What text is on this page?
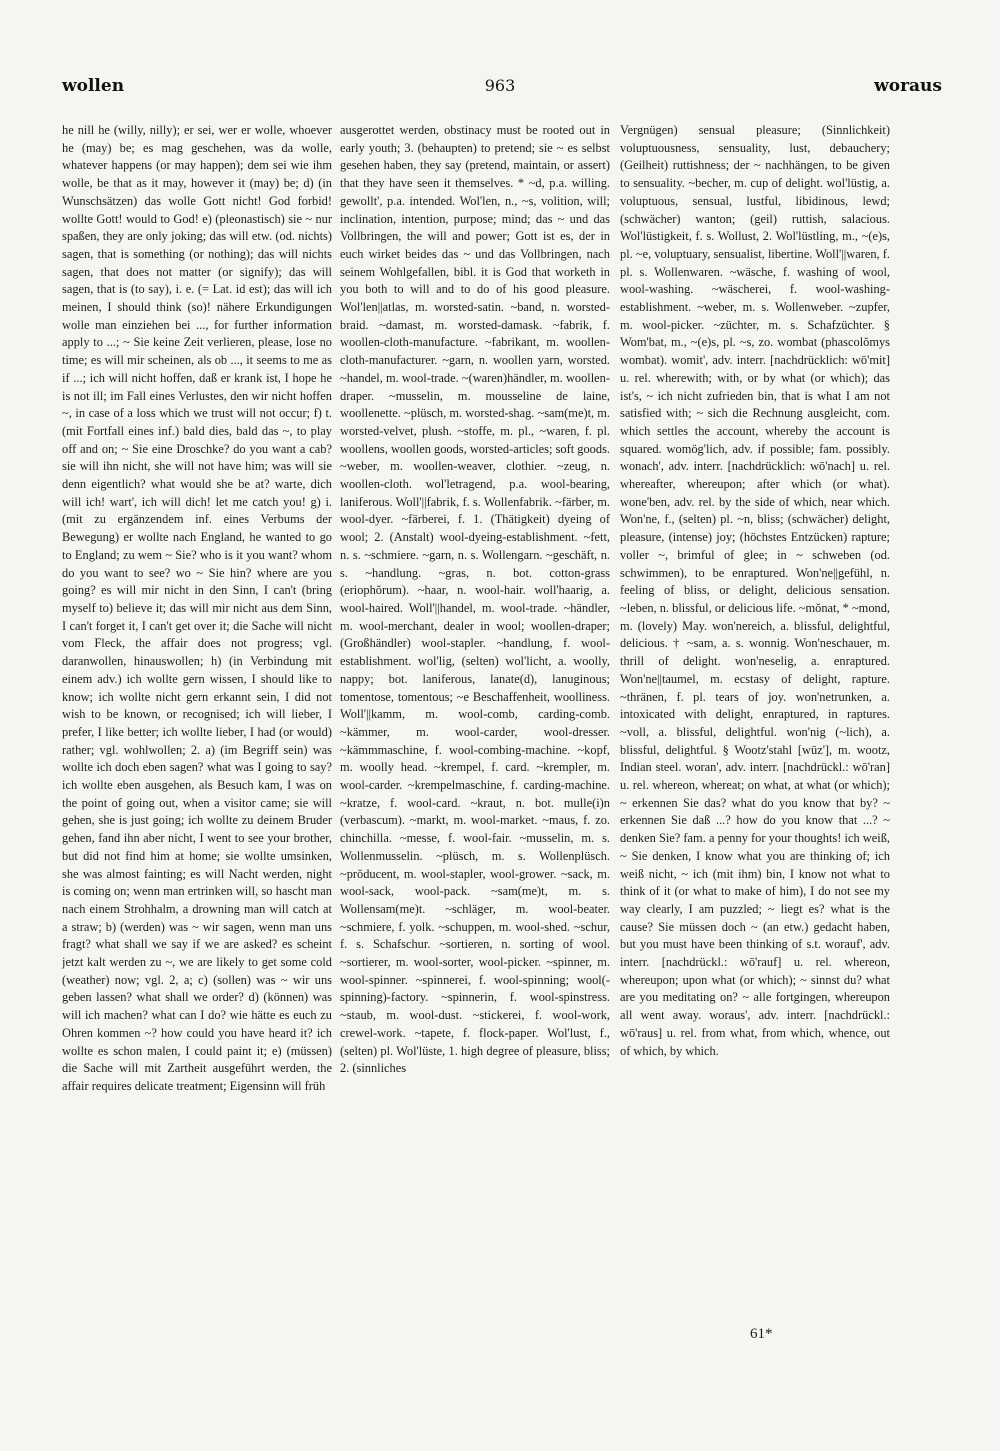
wollen	963	woraus

he nill he (willy, nilly); er sei, wer er wolle, whoever he (may) be; es mag geschehen, was da wolle, whatever happens (or may happen); dem sei wie ihm wolle, be that as it may, however it (may) be; d) (in Wunschsätzen) das wolle Gott nicht! God forbid! wollte Gott! would to God! e) (pleonastisch) sie ~ nur spaßen, they are only joking; das will etw. (od. nichts) sagen, that is something (or nothing); das will nichts sagen, that does not matter (or signify); das will sagen, that is (to say), i. e. (= Lat. id est); das will ich meinen, I should think (so)! nähere Erkundigungen wolle man einziehen bei ..., for further information apply to ...; ~ Sie keine Zeit verlieren, please, lose no time; es will mir scheinen, als ob ..., it seems to me as if ...; ich will nicht hoffen, daß er krank ist, I hope he is not ill; im Fall eines Verlustes, den wir nicht hoffen ~, in case of a loss which we trust will not occur; f) t. (mit Fortfall eines inf.) bald dies, bald das ~, to play off and on; ~ Sie eine Droschke? do you want a cab? sie will ihn nicht, she will not have him; was will sie denn eigentlich? what would she be at? warte, dich will ich! wart', ich will dich! let me catch you! g) i. (mit zu ergänzendem inf. eines Verbums der Bewegung) er wollte nach England, he wanted to go to England; zu wem ~ Sie? who is it you want? whom do you want to see? wo ~ Sie hin? where are you going? es will mir nicht in den Sinn, I can't (bring myself to) believe it; das will mir nicht aus dem Sinn, I can't forget it, I can't get over it; die Sache will nicht vom Fleck, the affair does not progress; vgl. daranwollen, hinauswollen; h) (in Verbindung mit einem adv.) ich wollte gern wissen, I should like to know; ich wollte nicht gern erkannt sein, I did not wish to be known, or recognised; ich will lieber, I prefer, I like better; ich wollte lieber, I had (or would) rather; vgl. wohlwollen; 2. a) (im Begriff sein) was wollte ich doch eben sagen? what was I going to say? ich wollte eben ausgehen, als Besuch kam, I was on the point of going out, when a visitor came; sie will gehen, she is just going; ich wollte zu deinem Bruder gehen, fand ihn aber nicht, I went to see your brother, but did not find him at home; sie wollte umsinken, she was almost fainting; es will Nacht werden, night is coming on; wenn man ertrinken will, so hascht man nach einem Strohhalm, a drowning man will catch at a straw; b) (werden) was ~ wir sagen, wenn man uns fragt? what shall we say if we are asked? es scheint jetzt kalt werden zu ~, we are likely to get some cold (weather) now; vgl. 2, a; c) (sollen) was ~ wir uns geben lassen? what shall we order? d) (können) was will ich machen? what can I do? wie hätte es euch zu Ohren kommen ~? how could you have heard it? ich wollte es schon malen, I could paint it; e) (müssen) die Sache will mit Zartheit ausgeführt werden, the affair requires delicate treatment; Eigensinn will früh

ausgerottet werden, obstinacy must be rooted out in early youth; 3. (behaupten) to pretend; sie ~ es selbst gesehen haben, they say (pretend, maintain, or assert) that they have seen it themselves. * ~d, p.a. willing. gewollt', p.a. intended. Wol'len, n., ~s, volition, will; inclination, intention, purpose; mind; das ~ und das Vollbringen, the will and power; Gott ist es, der in euch wirket beides das ~ und das Vollbringen, nach seinem Wohlgefallen, bibl. it is God that worketh in you both to will and to do of his good pleasure. Wol'len||atlas, m. worsted-satin. ~band, n. worsted-braid. ~damast, m. worsted-damask. ~fabrik, f. woollen-cloth-manufacture. ~fabrikant, m. woollen-cloth-manufacturer. ~garn, n. woollen yarn, worsted. ~handel, m. wool-trade. ~(waren)händler, m. woollen-draper. ~musselin, m. mousseline de laine, woollenette. ~plüsch, m. worsted-shag. ~sam(me)t, m. worsted-velvet, plush. ~stoffe, m. pl., ~waren, f. pl. woollens, woollen goods, worsted-articles; soft goods. ~weber, m. woollen-weaver, clothier. ~zeug, n. woollen-cloth. wol'letragend, p.a. wool-bearing, laniferous. Woll'||fabrik, f. s. Wollenfabrik. ~färber, m. wool-dyer. ~färberei, f. 1. (Thätigkeit) dyeing of wool; 2. (Anstalt) wool-dyeing-establishment. ~fett, n. s. ~schmiere. ~garn, n. s. Wollengarn. ~geschäft, n. s. ~handlung. ~gras, n. bot. cotton-grass (eriophŏrum). ~haar, n. wool-hair. woll'haarig, a. wool-haired. Woll'||handel, m. wool-trade. ~händler, m. wool-merchant, dealer in wool; woollen-draper; (Großhändler) wool-stapler. ~handlung, f. wool-establishment. wol'lig, (selten) wol'licht, a. woolly, nappy; bot. laniferous, lanate(d), lanuginous; tomentose, tomentous; ~e Beschaffenheit, woolliness. Woll'||kamm, m. wool-comb, carding-comb. ~kämmer, m. wool-carder, wool-dresser. ~kämmmaschine, f. wool-combing-machine. ~kopf, m. woolly head. ~krempel, f. card. ~krempler, m. wool-carder. ~krempelmaschine, f. carding-machine. ~kratze, f. wool-card. ~kraut, n. bot. mulle(i)n (verbascum). ~markt, m. wool-market. ~maus, f. zo. chinchilla. ~messe, f. wool-fair. ~musselin, m. s. Wollenmusselin. ~plüsch, m. s. Wollenplüsch. ~prŏducent, m. wool-stapler, wool-grower. ~sack, m. wool-sack, wool-pack. ~sam(me)t, m. s. Wollensam(me)t. ~schläger, m. wool-beater. ~schmiere, f. yolk. ~schuppen, m. wool-shed. ~schur, f. s. Schafschur. ~sortieren, n. sorting of wool. ~sortierer, m. wool-sorter, wool-picker. ~spinner, m. wool-spinner. ~spinnerei, f. wool-spinning; wool(-spinning)-factory. ~spinnerin, f. wool-spinstress. ~staub, m. wool-dust. ~stickerei, f. wool-work, crewel-work. ~tapete, f. flock-paper. Wol'lust, f., (selten) pl. Wol'lüste, 1. high degree of pleasure, bliss; 2. (sinnliches

Vergnügen) sensual pleasure; (Sinnlichkeit) voluptuousness, sensuality, lust, debauchery; (Geilheit) ruttishness; der ~ nachhängen, to be given to sensuality. ~becher, m. cup of delight. wol'lüstig, a. voluptuous, sensual, lustful, libidinous, lewd; (schwächer) wanton; (geil) ruttish, salacious. Wol'lüstigkeit, f. s. Wollust, 2. Wol'lüstling, m., ~(e)s, pl. ~e, voluptuary, sensualist, libertine. Woll'||waren, f. pl. s. Wollenwaren. ~wäsche, f. washing of wool, wool-washing. ~wäscherei, f. wool-washing-establishment. ~weber, m. s. Wollenweber. ~zupfer, m. wool-picker. ~züchter, m. s. Schafzüchter. § Wom'bat, m., ~(e)s, pl. ~s, zo. wombat (phascolŏmys wombat). womit', adv. interr. [nachdrücklich: wō'mit] u. rel. wherewith; with, or by what (or which); das ist's, ~ ich nicht zufrieden bin, that is what I am not satisfied with; ~ sich die Rechnung ausgleicht, com. which settles the account, whereby the account is squared. womög'lich, adv. if possible; fam. possibly. wonach', adv. interr. [nachdrücklich: wō'nach] u. rel. whereafter, whereupon; after which (or what). wone'ben, adv. rel. by the side of which, near which. Won'ne, f., (selten) pl. ~n, bliss; (schwächer) delight, pleasure, (intense) joy; (höchstes Entzücken) rapture; voller ~, brimful of glee; in ~ schweben (od. schwimmen), to be enraptured. Won'ne||gefühl, n. feeling of bliss, or delight, delicious sensation. ~leben, n. blissful, or delicious life. ~mŏnat, * ~mond, m. (lovely) May. won'nereich, a. blissful, delightful, delicious. † ~sam, a. s. wonnig. Won'neschauer, m. thrill of delight. won'neselig, a. enraptured. Won'ne||taumel, m. ecstasy of delight, rapture. ~thränen, f. pl. tears of joy. won'netrunken, a. intoxicated with delight, enraptured, in raptures. ~voll, a. blissful, delightful. won'nig (~lich), a. blissful, delightful. § Wootz'stahl [wūz'], m. wootz, Indian steel. woran', adv. interr. [nachdrückl.: wō'ran] u. rel. whereon, whereat; on what, at what (or which); ~ erkennen Sie das? what do you know that by? ~ erkennen Sie daß ...? how do you know that ...? ~ denken Sie? fam. a penny for your thoughts! ich weiß, ~ Sie denken, I know what you are thinking of; ich weiß nicht, ~ ich (mit ihm) bin, I know not what to think of it (or what to make of him), I do not see my way clearly, I am puzzled; ~ liegt es? what is the cause? Sie müssen doch ~ (an etw.) gedacht haben, but you must have been thinking of s.t. worauf', adv. interr. [nachdrückl.: wō'rauf] u. rel. whereon, whereupon; upon what (or which); ~ sinnst du? what are you meditating on? ~ alle fortgingen, whereupon all went away. woraus', adv. interr. [nachdrückl.: wō'raus] u. rel. from what, from which, whence, out of which, by which.

61*
